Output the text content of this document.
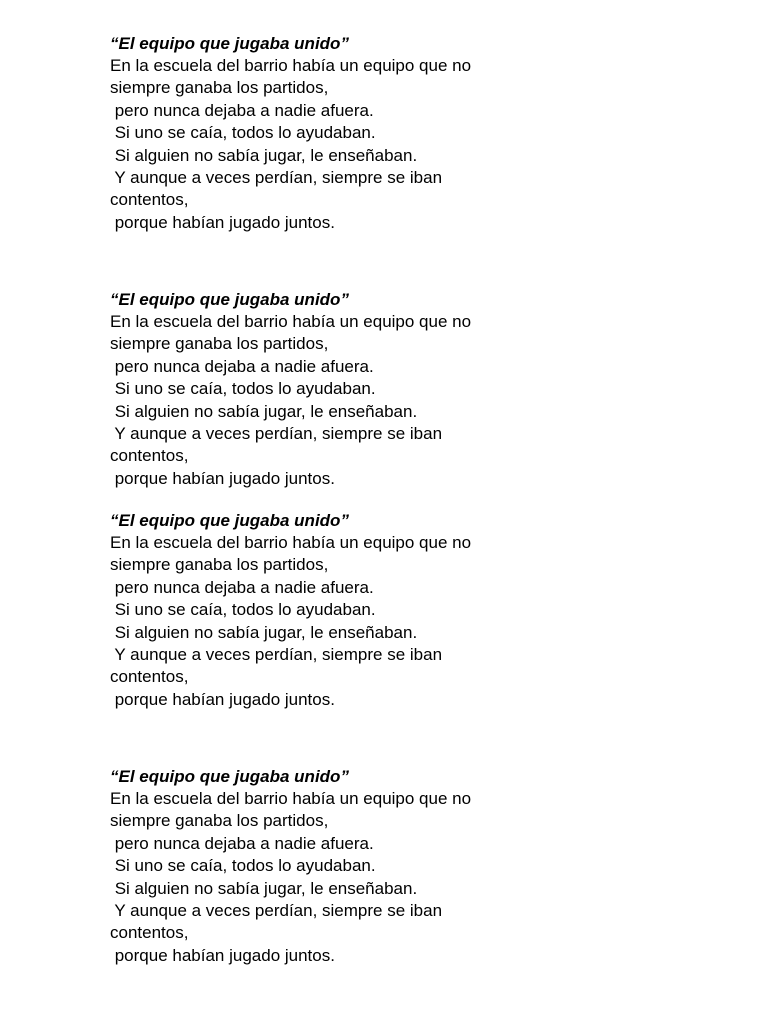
“El equipo que jugaba unido”

En la escuela del barrio había un equipo que no

siempre ganaba los partidos,

pero nunca dejaba a nadie afuera.

Si uno se caía, todos lo ayudaban.

Si alguien no sabía jugar, le enseñaban.

Y aunque a veces perdían, siempre se iban

contentos,

porque habían jugado juntos.

“El equipo que jugaba unido”

En la escuela del barrio había un equipo que no

siempre ganaba los partidos,

pero nunca dejaba a nadie afuera.

Si uno se caía, todos lo ayudaban.

Si alguien no sabía jugar, le enseñaban.

Y aunque a veces perdían, siempre se iban

contentos,

porque habían jugado juntos.

“El equipo que jugaba unido”

En la escuela del barrio había un equipo que no

siempre ganaba los partidos,

pero nunca dejaba a nadie afuera.

Si uno se caía, todos lo ayudaban.

Si alguien no sabía jugar, le enseñaban.

Y aunque a veces perdían, siempre se iban

contentos,

porque habían jugado juntos.

“El equipo que jugaba unido”

En la escuela del barrio había un equipo que no

siempre ganaba los partidos,

pero nunca dejaba a nadie afuera.

Si uno se caía, todos lo ayudaban.

Si alguien no sabía jugar, le enseñaban.

Y aunque a veces perdían, siempre se iban

contentos,

porque habían jugado juntos.
